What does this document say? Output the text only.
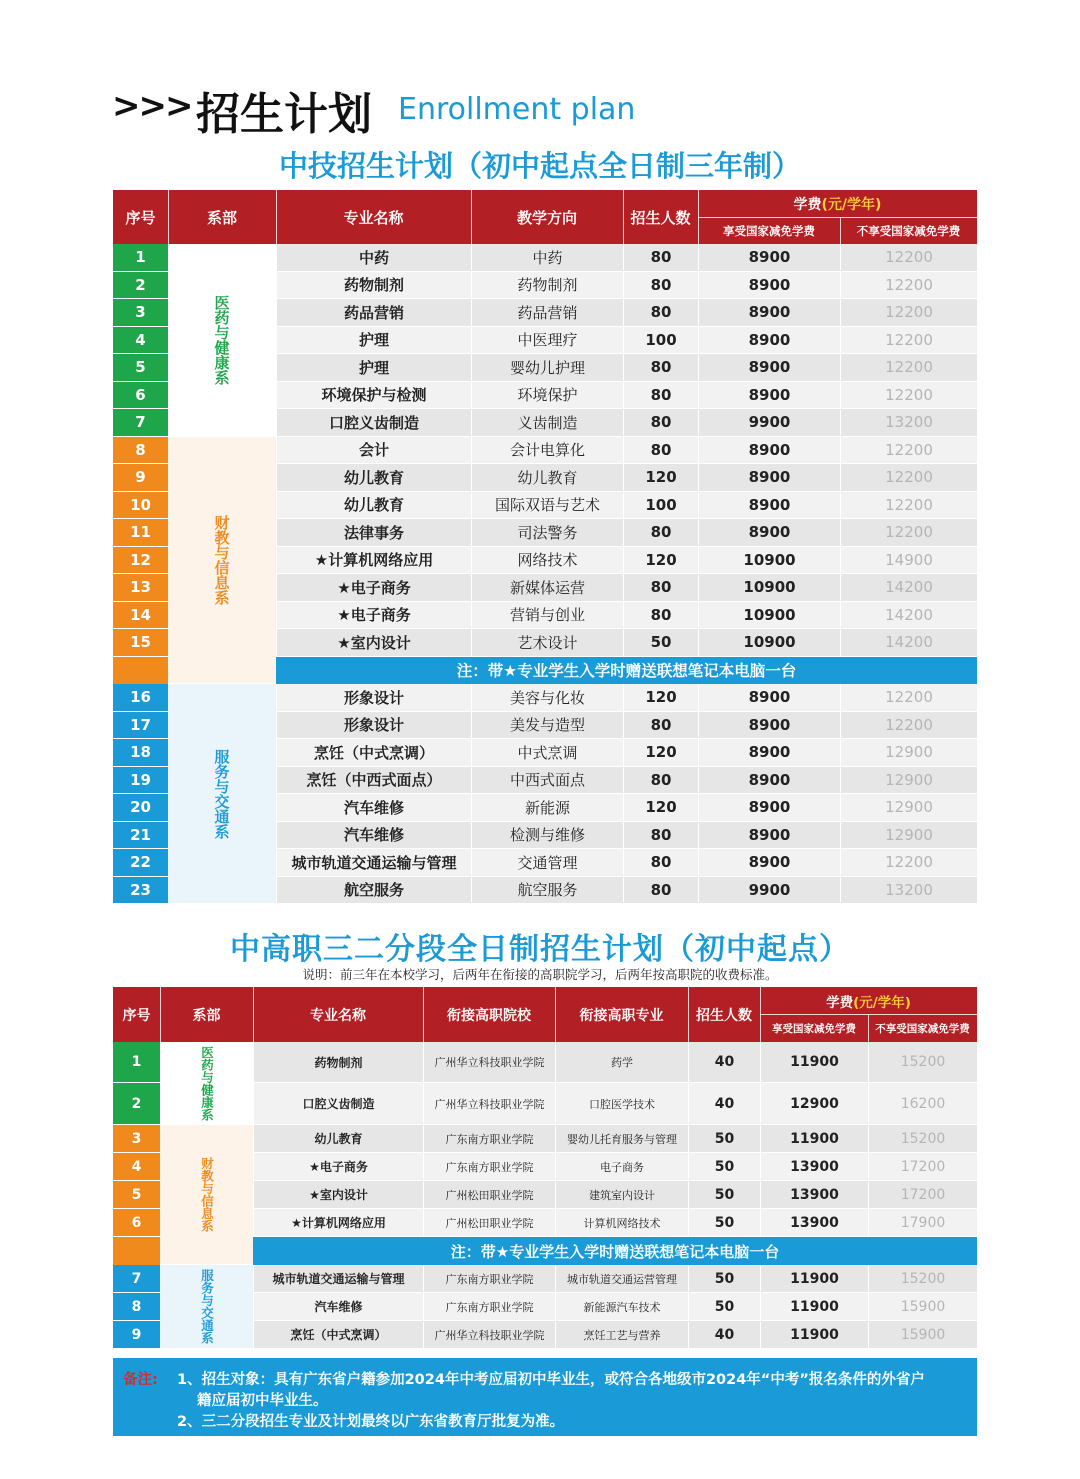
>>> 招生计划 Enrollment plan
中技招生计划（初中起点全日制三年制）
序号	系部	专业名称	教学方向	招生人数
学费 (元/学年)
享受国家减免学费	不享受国家减免学费
1	中药	中药	80	8900	12200
2	药物制剂	药物制剂	80	8900	12200
3	药品营销	药品营销	80	8900	12200
4	护理	中医理疗	100	8900	12200
5	护理	婴幼儿护理	80	8900	12200
6	环境保护与检测	环境保护	80	8900	12200
7	口腔义齿制造	义齿制造	80	9900	13200
8	会计	会计电算化	80	8900	12200
9	幼儿教育	幼儿教育	120	8900	12200
10	幼儿教育	国际双语与艺术	100	8900	12200
11	法律事务	司法警务	80	8900	12200
12	★计算机网络应用	网络技术	120	10900	14900
13	★电子商务	新媒体运营	80	10900	14200
14	★电子商务	营销与创业	80	10900	14200
15	★室内设计	艺术设计	50	10900	14200
16	形象设计	美容与化妆	120	8900	12200
17	形象设计	美发与造型	80	8900	12200
18	烹饪（中式烹调）	中式烹调	120	8900	12900
19	烹饪（中西式面点）	中西式面点	80	8900	12900
20	汽车维修	新能源	120	8900	12900
21	汽车维修	检测与维修	80	8900	12900
22	城市轨道交通运输与管理	交通管理	80	8900	12200
23	航空服务	航空服务	80	9900	13200
注：带★专业学生入学时赠送联想笔记本电脑一台
医药与健康系
财教与信息系
服务与交通系
中高职三二分段全日制招生计划（初中起点）
说明：前三年在本校学习，后两年在衔接的高职院学习，后两年按高职院的收费标准。
序号	系部	专业名称	衔接高职院校	衔接高职专业	招生人数
学费 (元/学年)
享受国家减免学费	不享受国家减免学费
1	药物制剂	广州华立科技职业学院	药学	40	11900	15200
2	口腔义齿制造	广州华立科技职业学院	口腔医学技术	40	12900	16200
3	幼儿教育	广东南方职业学院	婴幼儿托育服务与管理	50	11900	15200
4	★电子商务	广东南方职业学院	电子商务	50	13900	17200
5	★室内设计	广州松田职业学院	建筑室内设计	50	13900	17200
6	★计算机网络应用	广州松田职业学院	计算机网络技术	50	13900	17900
7	城市轨道交通运输与管理	广东南方职业学院	城市轨道交通运营管理	50	11900	15200
8	汽车维修	广东南方职业学院	新能源汽车技术	50	11900	15900
9	烹饪（中式烹调）	广州华立科技职业学院	烹饪工艺与营养	40	11900	15900
注：带★专业学生入学时赠送联想笔记本电脑一台
医药与健康系
财教与信息系
服务与交通系
备注: 1、招生对象：具有广东省户籍参加2024年中考应届初中毕业生，或符合各地级市2024年“中考”报名条件的外省户
籍应届初中毕业生。
2、三二分段招生专业及计划最终以广东省教育厅批复为准。
